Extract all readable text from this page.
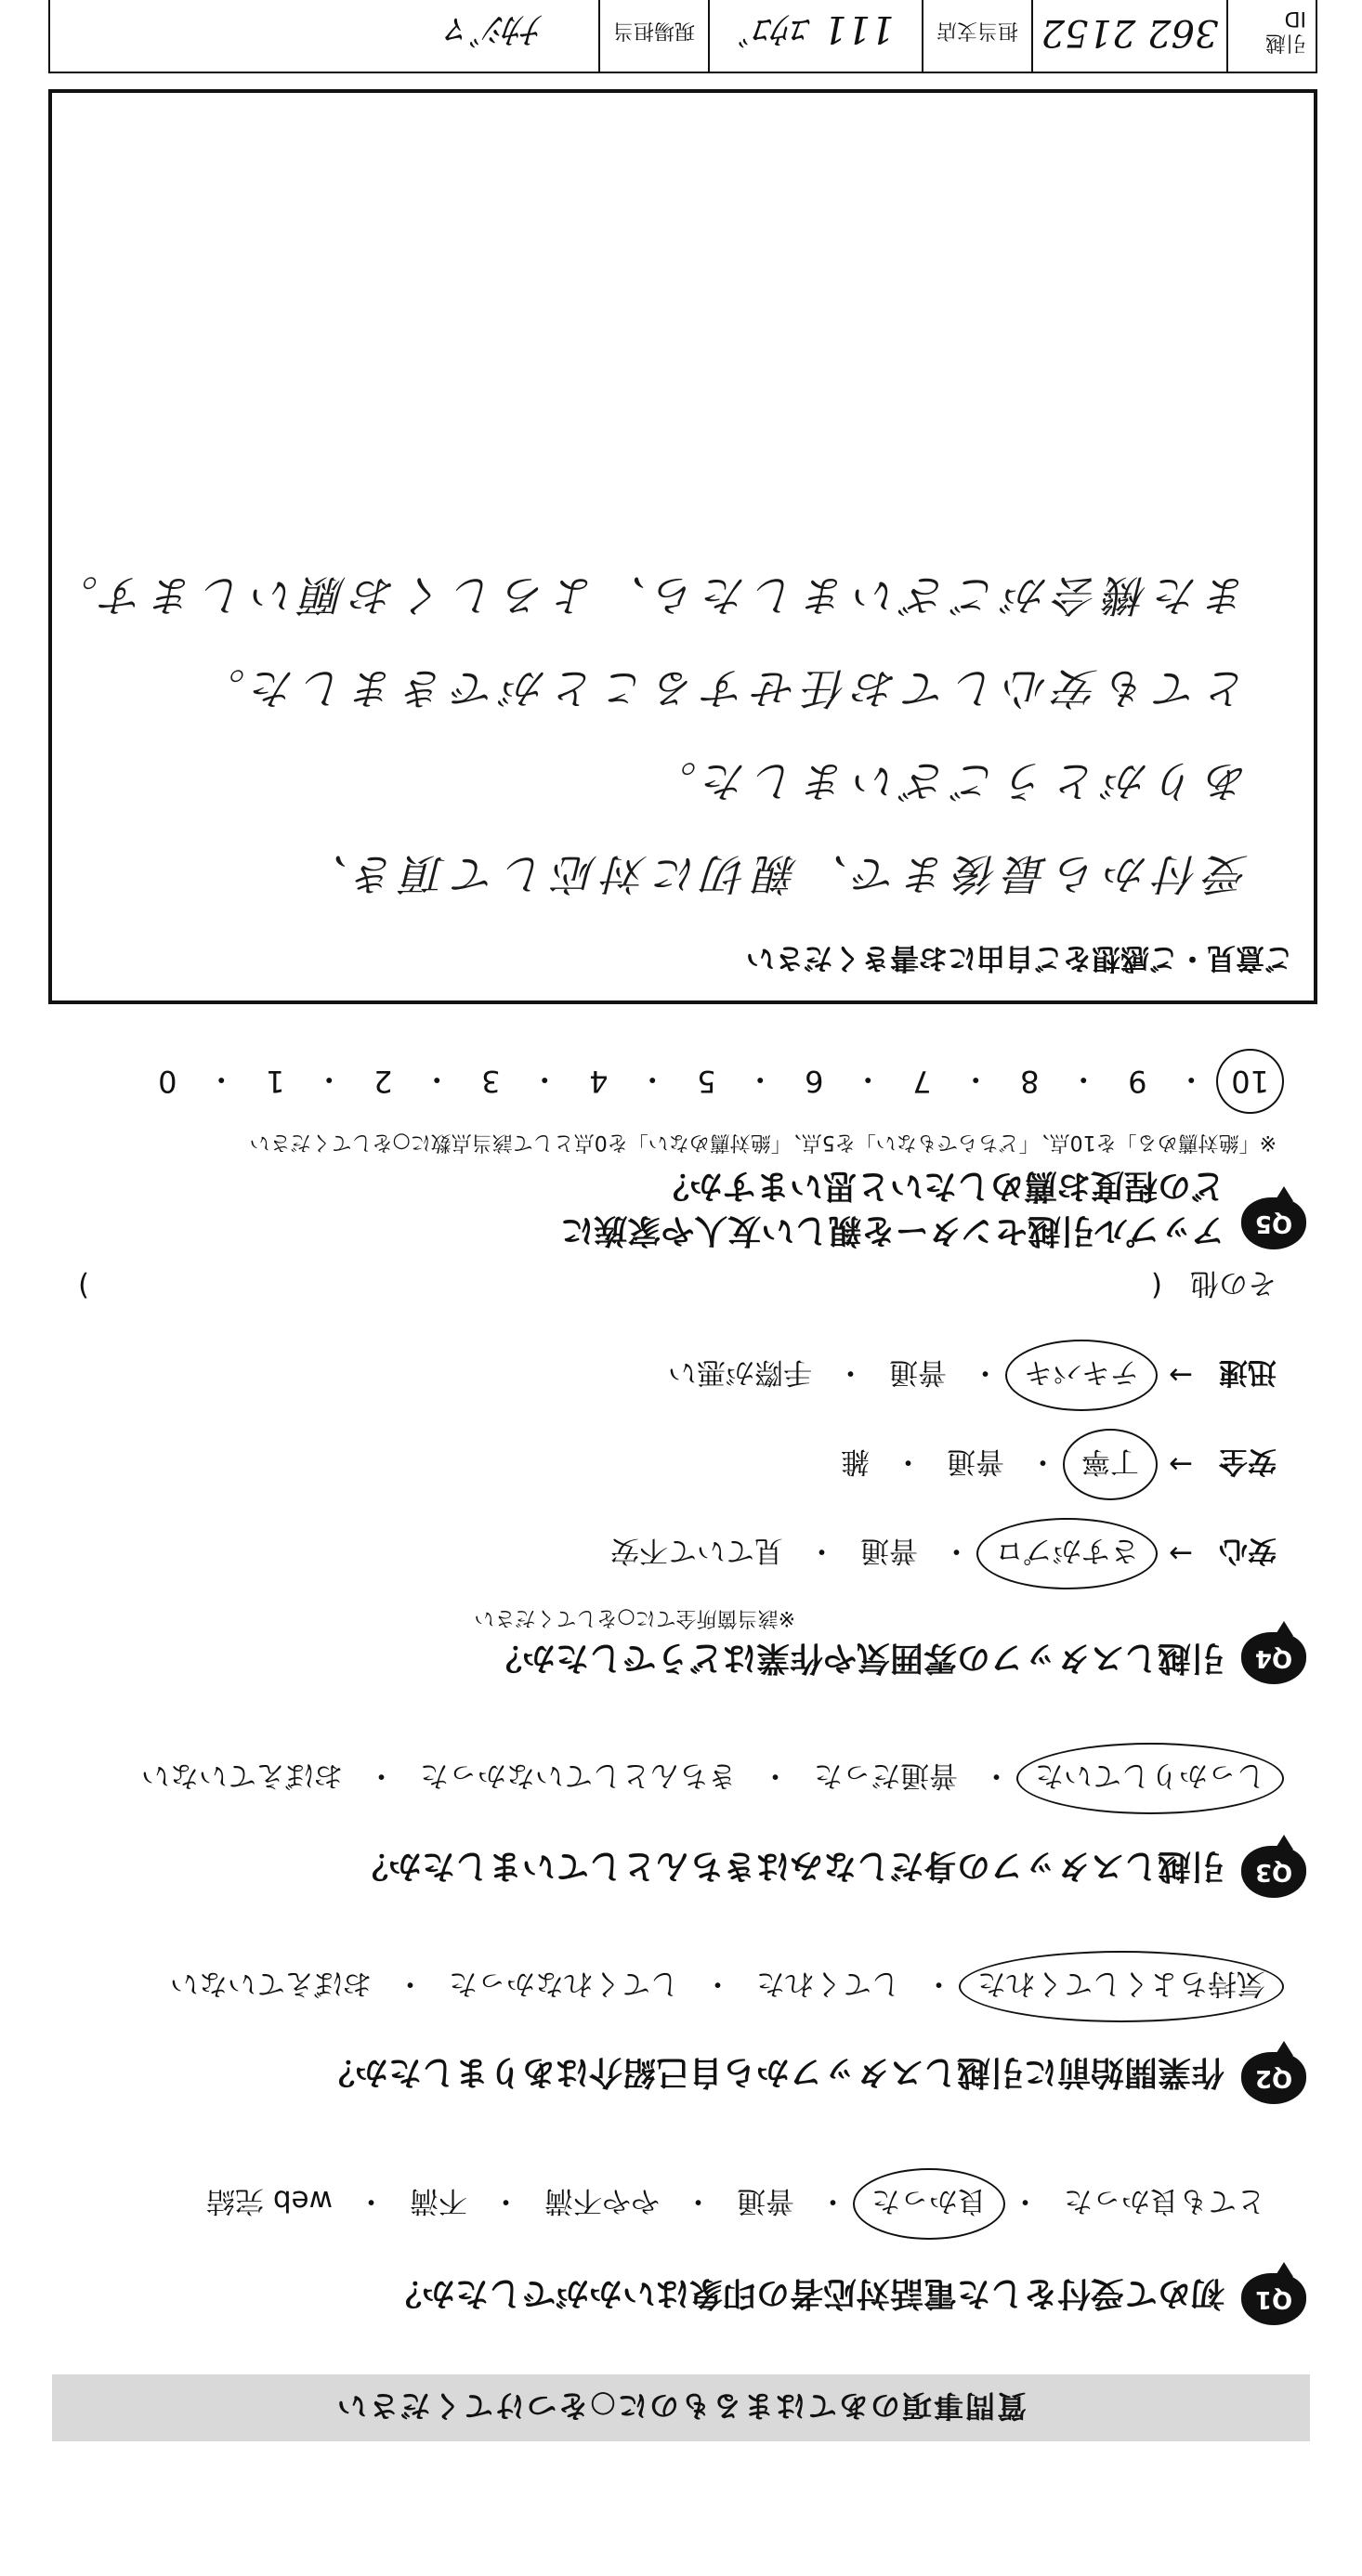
質問事項のあてはまるものに○をつけてください
Q1
初めて受付をした電話対応者の印象はいかがでしたか？
とても良かった
・
良かった
・
普通
・
やや不満
・
不満
・
web 完結
Q2
作業開始前に引越しスタッフから自己紹介はありましたか？
気持ちよくしてくれた
・
してくれた
・
してくれなかった
・
おぼえていない
Q3
引越しスタッフの身だしなみはきちんとしていましたか？
しっかりしていた
・
普通だった
・
きちんとしていなかった
・
おぼえていない
Q4
引越しスタッフの雰囲気や作業はどうでしたか？
※該当箇所全てに○をしてください
安心
→
さすがプロ
・
普通
・
見ていて不安
安全
→
丁寧
・
普通
・
雑
迅速
→
テキパキ
・
普通
・
手際が悪い
その他
(
)
Q5
アップル引越センターを親しい友人や家族に
どの程度お薦めしたいと思いますか？
※「絶対薦める」を10点、「どちらでもない」を5点、「絶対薦めない」を0点として該当点数に○をしてください
10
・
9
・
8
・
7
・
6
・
5
・
4
・
3
・
2
・
1
・
0
ご意見・ご感想をご自由にお書きください
受付から最後まで、親切に対応して頂き、
ありがとうございました。
とても安心してお任せすることができました。
また機会がございましたら、よろしくお願いします。
引越 ID
362 2152
担当支店
111 ﾕｳｺﾞ
現場担当
ﾅｶｼﾞﾏ
